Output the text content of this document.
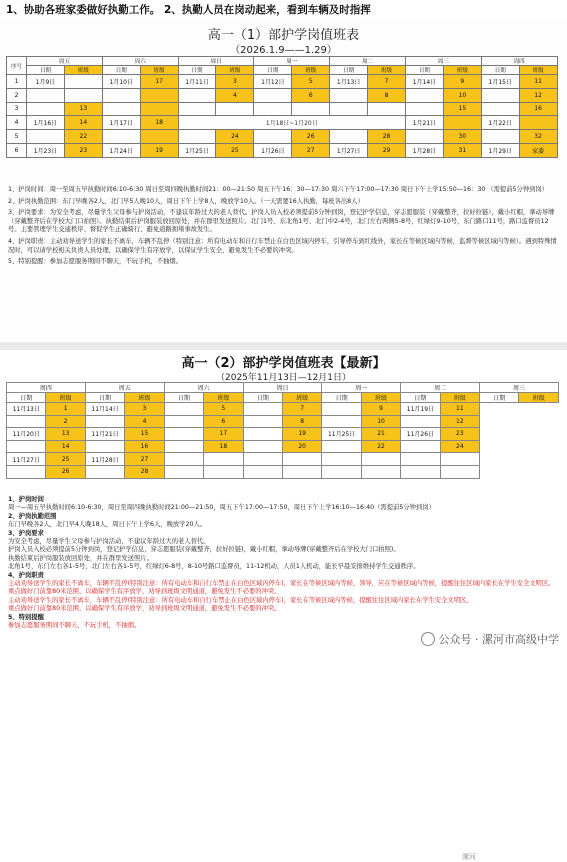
1、协助各班家委做好执勤工作。 2、执勤人员在岗动起来，看到车辆及时指挥
高一（1）部护学岗值班表
（2026.1.9——1.29）
序号	周五		周六		周日		周一		周二		周三		周四	
	日期	班级	日期	班级	日期	班级	日期	班级	日期	班级	日期	班级	日期	班级
1	1月9日		1月10日	17	1月11日	3	1月12日	5	1月13日	7	1月14日	9	1月15日	11
2						4		6		8		10		12
3		13										15		16
4	1月16日	14	1月17日	18	1月18日~1月20日						1月21日		1月22日	
5		22				24		26		28		30		32
6	1月23日	23	1月24日	19	1月25日	25	1月26日	27	1月27日	29	1月28日	31	1月29日	家委
1、护岗时间：周一至周五早执勤时间6:10-6:30 周日至周四晚执勤时间21：00—21:50 周五下午16：30—17:30 周六下午17:00—17:30 周日下午上学15:50—16：30 （需提前5分钟到岗）
2、护岗执勤范围：东门早晚各2人，北门早5人晚10人，周日下午上学8人，晚放学10人。（一天需要16人执勤，每班各出8人）
3、护岗要求：为安全考虑，尽量学生父母参与护岗活动，不建议年龄过大的老人替代。护岗人员入校必须提前5分钟到岗，登记护学信息，穿志愿服装（穿戴整齐，拉好拉链），戴小红帽，拿动导牌（穿戴整齐后在学校大门口拍照）。执勤结束后护岗服装放回原处，并在群里发送照片。北门1号、东北角1号、北门中2-4号，北门左右两侧5-8号，红绿灯9-10号，东门路口11号，路口监督员12号。主要管理学生交通秩序、督促学生正确骑行、避免道路拥堵事故发生。
4、护岗职责：主动劝导送学生的家长不离车，车辆不乱停（特别注意：所有电动车和自行车禁止在白色区域内停车，引导停车到红线外，家长在等候区域内等候，监督等候区域内等候）。遇到特殊情况时，可以请学校相关负责人员处理，以确保学生有序放学，以保证学生安全，避免发生不必要的冲突。
5、特别提醒：参加志愿服务期间不聊天，不玩手机，不抽烟。
高一（2）部护学岗值班表【最新】
（2025年11月13日—12月1日）
周四		周五		周六		周日		周一		周二		周三	
日期	班级	日期	班级	日期	班级	日期	班级	日期	班级	日期	班级	日期	班级
11月13日	1	11月14日	3		5		7		9	11月19日	11		
	2		4		6		8		10		12		
11月20日	13	11月21日	15		17		19	11月25日	21	11月26日	23		
	14		16		18		20		22		24		
11月27日	25	11月28日	27										
	26		28										
1、护岗时间
周一—周五早执勤时间6:10-6:30，周日至周四晚执勤时间21:00—21:50，周五下午17:00—17:50，周日下午上学16:10—16:40（需提前5分钟到岗）
2、护岗执勤范围
东门早晚各2人，北门早4人晚18人，周日下午上学6人，晚放学20人。
3、护岗要求
为安全考虑，尽量学生父母参与护岗活动，不建议年龄过大的老人替代。
护岗人员入校必须提前5分钟到岗，登记护学信息，穿志愿服装(穿戴整齐，拉好拉链)，戴小红帽，拿动导牌(穿戴整齐后在学校大门口拍照)。
执勤结束后护岗服装放回原处，并在群里发送照片。
北角1号、东门左右各1-5号，北门左右各1-5号，红绿灯6-8号，8-10号路口监督员，11-12机动，人员1人机动，能长早晨安排维持学生交通秩序。
4、护岗职责
主动劝导送学生的家长不离车，车辆不乱停(特别注意：所有电动车和自行车禁止在白色区域内停车)，家长在等候区域内等候，领导，应在等候区域内等候，提醒往往区域内家长在学生安全文明区。
重点做好门前靠80米范围，以确保学生有序放学，劝导到班级文明通道，避免发生不必要的冲突。
主动劝导送学生的家长不离车，车辆不乱停(特别注意：所有电动车和自行车禁止在白色区域内停车)，家长在等候区域内等候，提醒往往区域内家长在学生安全文明区。
重点做好门前靠80米范围，以确保学生有序放学，劝导到班级文明通道，避免发生不必要的冲突。
5、特别提醒
参加志愿服务期间不聊天，不玩手机，不抽烟。
漯河
公众号 · 漯河市高级中学
